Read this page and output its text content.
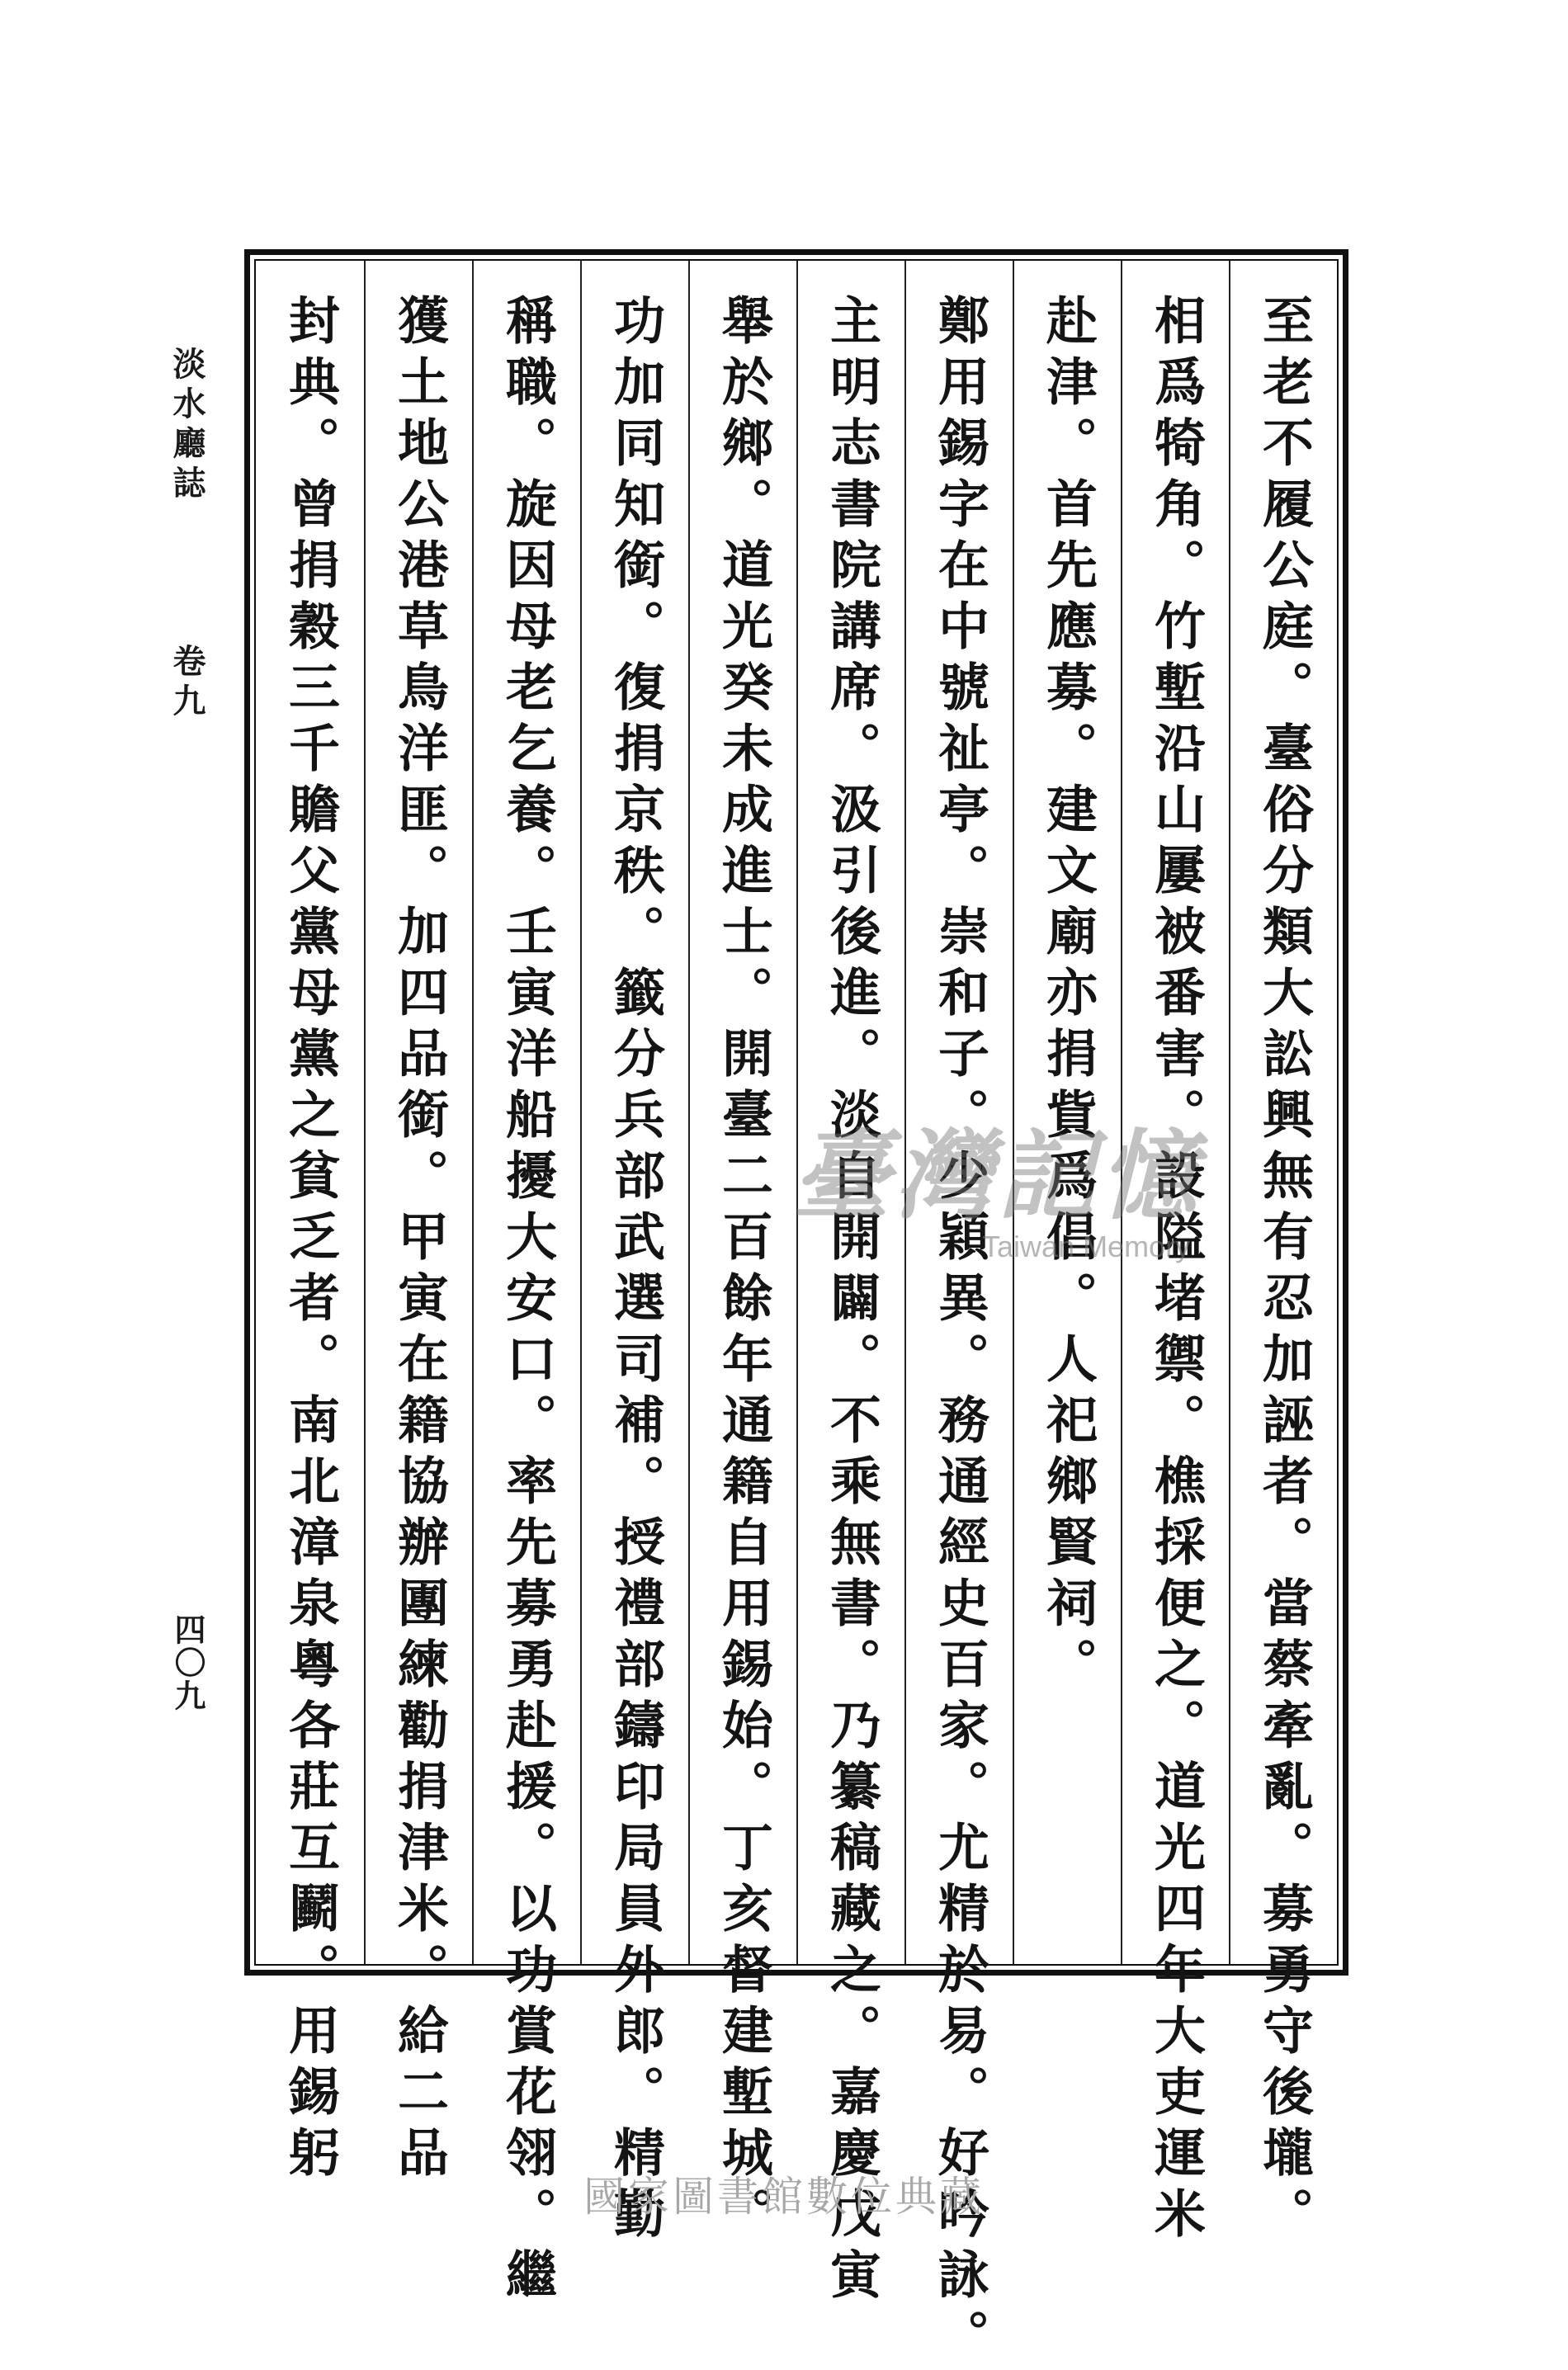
淡水廳誌
卷九
四〇九	至老不履公庭。臺俗分類大訟興無有忍加誣者。當蔡牽亂。募勇守後壠。
相爲犄角。竹塹沿山屢被番害。設隘堵禦。樵採便之。道光四年大吏運米
赴津。首先應募。建文廟亦捐貲爲倡。人祀鄉賢祠。
鄭用錫字在中號祉亭。崇和子。少穎異。務通經史百家。尤精於易。好吟詠。
主明志書院講席。汲引後進。淡自開闢。不乘無書。乃纂稿藏之。嘉慶戊寅
舉於鄉。道光癸未成進士。開臺二百餘年通籍自用錫始。丁亥督建塹城。
功加同知銜。復捐京秩。籤分兵部武選司補。授禮部鑄印局員外郎。精勤
稱職。旋因母老乞養。壬寅洋船擾大安口。率先募勇赴援。以功賞花翎。繼
獲土地公港草鳥洋匪。加四品銜。甲寅在籍協辦團練勸捐津米。給二品
封典。曾捐穀三千贍父黨母黨之貧乏者。南北漳泉粵各莊互鬬。用錫躬	臺灣記憶
Taiwan Memory
國家圖書館數位典藏
